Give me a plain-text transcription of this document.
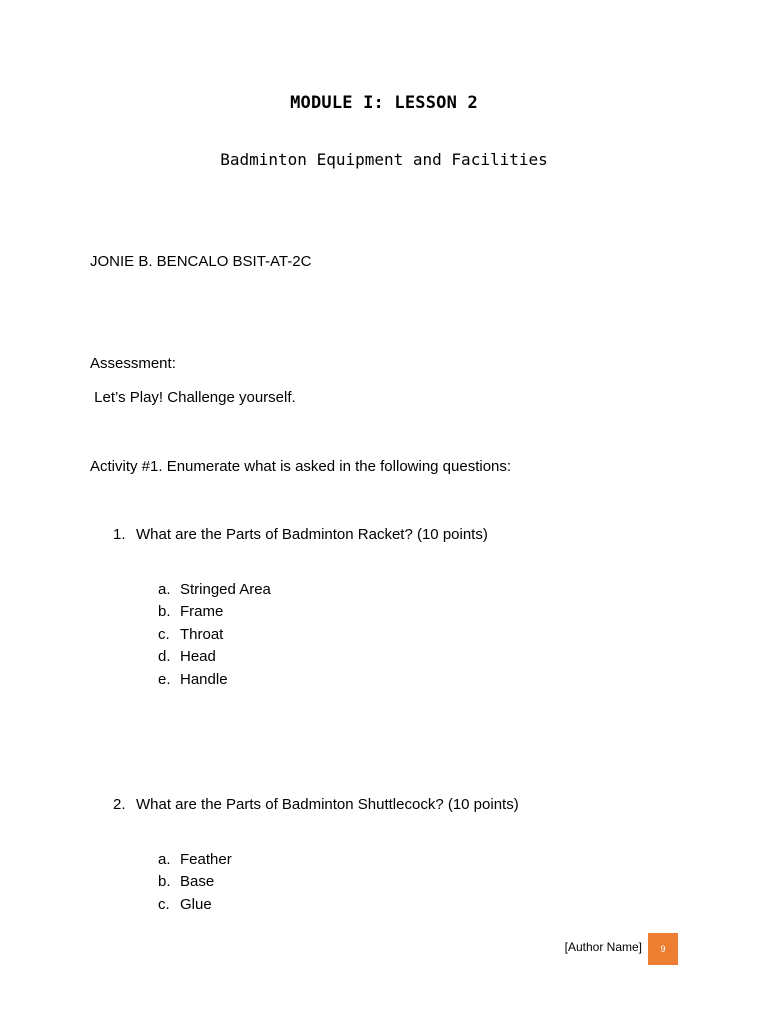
MODULE I: LESSON 2
Badminton Equipment and Facilities
JONIE B. BENCALO BSIT-AT-2C
Assessment:
Let’s Play! Challenge yourself.
Activity #1. Enumerate what is asked in the following questions:
1. What are the Parts of Badminton Racket? (10 points)
a. Stringed Area
b. Frame
c. Throat
d. Head
e. Handle
2. What are the Parts of Badminton Shuttlecock? (10 points)
a. Feather
b. Base
c. Glue
[Author Name]	9
